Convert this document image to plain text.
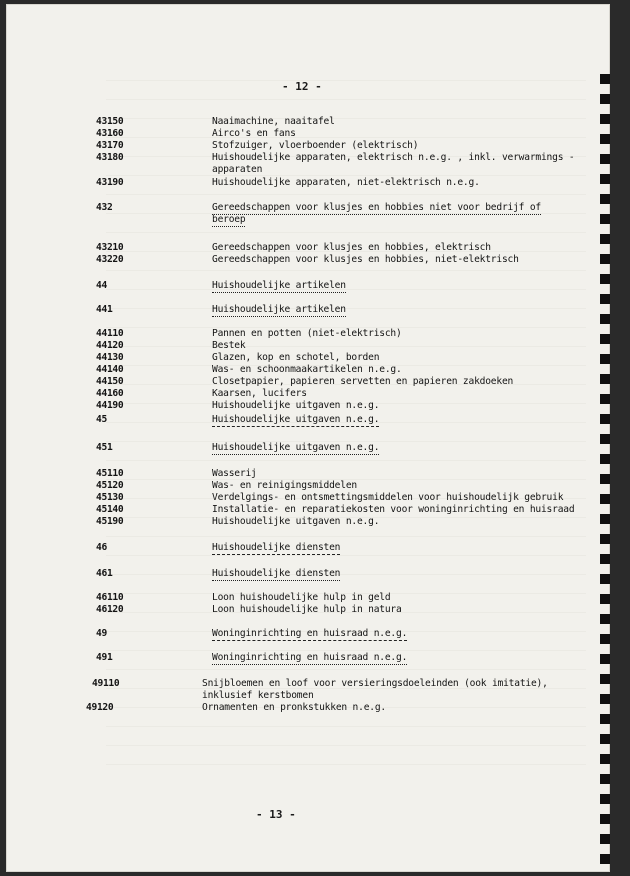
- 12 -
43150	Naaimachine, naaitafel
43160	Airco's en fans
43170	Stofzuiger, vloerboender (elektrisch)
43180	Huishoudelijke apparaten, elektrisch n.e.g. , inkl. verwarmings -
apparaten
43190	Huishoudelijke apparaten, niet-elektrisch n.e.g.
432	Gereedschappen voor klusjes en hobbies niet voor bedrijf of
beroep
43210	Gereedschappen voor klusjes en hobbies, elektrisch
43220	Gereedschappen voor klusjes en hobbies, niet-elektrisch
44	Huishoudelijke artikelen
441	Huishoudelijke artikelen
44110	Pannen en potten (niet-elektrisch)
44120	Bestek
44130	Glazen, kop en schotel, borden
44140	Was- en schoonmaakartikelen n.e.g.
44150	Closetpapier, papieren servetten en papieren zakdoeken
44160	Kaarsen, lucifers
44190	Huishoudelijke uitgaven n.e.g.
45	Huishoudelijke uitgaven n.e.g.
451	Huishoudelijke uitgaven n.e.g.
45110	Wasserij
45120	Was- en reinigingsmiddelen
45130	Verdelgings- en ontsmettingsmiddelen voor huishoudelijk gebruik
45140	Installatie- en reparatiekosten voor woninginrichting en huisraad
45190	Huishoudelijke uitgaven n.e.g.
46	Huishoudelijke diensten
461	Huishoudelijke diensten
46110	Loon huishoudelijke hulp in geld
46120	Loon huishoudelijke hulp in natura
49	Woninginrichting en huisraad n.e.g.
491	Woninginrichting en huisraad n.e.g.
49110	Snijbloemen en loof voor versieringsdoeleinden (ook imitatie),
inklusief kerstbomen
49120	Ornamenten en pronkstukken n.e.g.
- 13 -
